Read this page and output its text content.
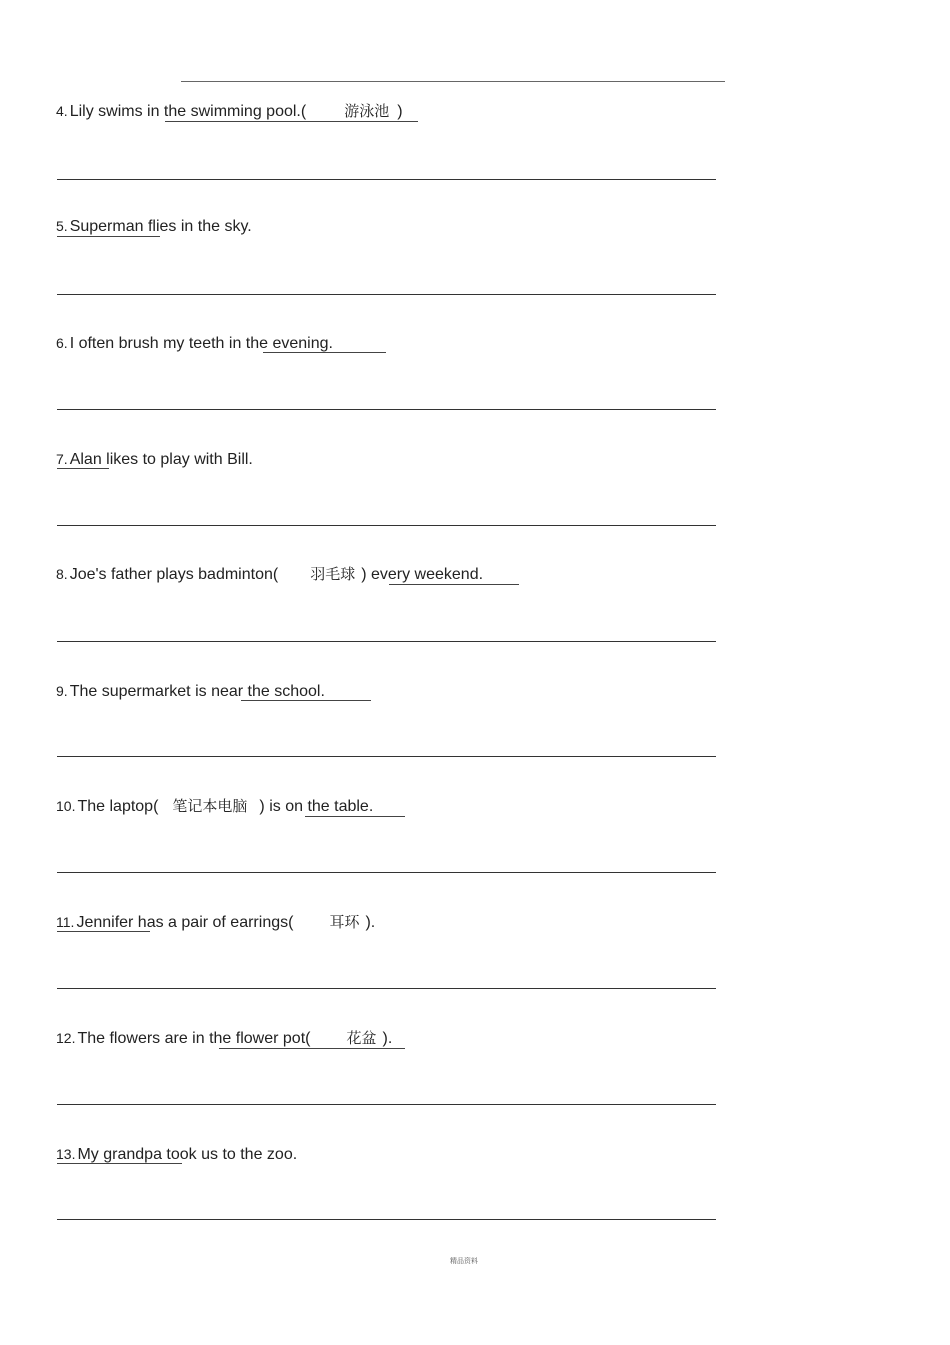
4. Lily swims in the swimming pool.(	游泳池 )
5. Superman flies in the sky.
6. I often brush my teeth in the evening.
7. Alan likes to play with Bill.
8. Joe's father plays badminton( 羽毛球 ) every weekend.
9. The supermarket is near the school.
10. The laptop( 笔记本电脑 ) is on the table.
11. Jennifer has a pair of earrings( 耳环 ).
12. The flowers are in the flower pot( 花盆 ).
13. My grandpa took us to the zoo.
精品资料
